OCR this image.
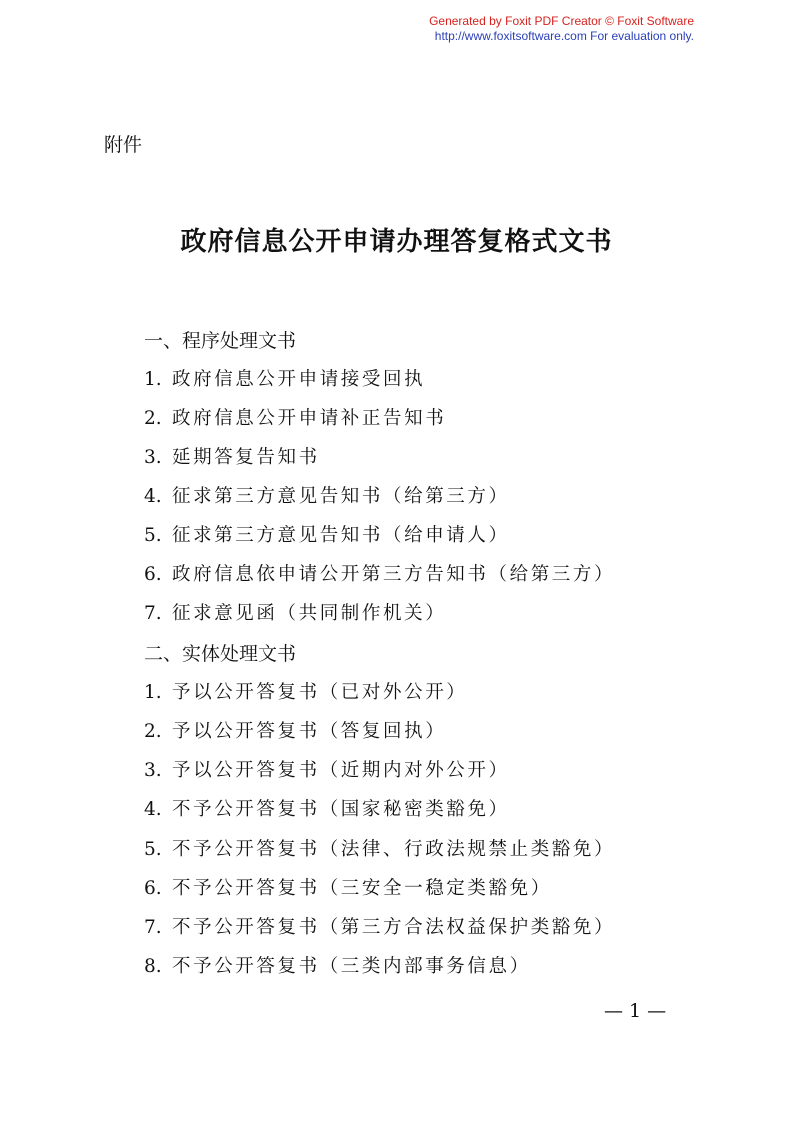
Generated by Foxit PDF Creator © Foxit Software
http://www.foxitsoftware.com For evaluation only.
附件
政府信息公开申请办理答复格式文书
一、程序处理文书
1. 政府信息公开申请接受回执
2. 政府信息公开申请补正告知书
3. 延期答复告知书
4. 征求第三方意见告知书（给第三方）
5. 征求第三方意见告知书（给申请人）
6. 政府信息依申请公开第三方告知书（给第三方）
7. 征求意见函（共同制作机关）
二、实体处理文书
1. 予以公开答复书（已对外公开）
2. 予以公开答复书（答复回执）
3. 予以公开答复书（近期内对外公开）
4. 不予公开答复书（国家秘密类豁免）
5. 不予公开答复书（法律、行政法规禁止类豁免）
6. 不予公开答复书（三安全一稳定类豁免）
7. 不予公开答复书（第三方合法权益保护类豁免）
8. 不予公开答复书（三类内部事务信息）
— 1 —
